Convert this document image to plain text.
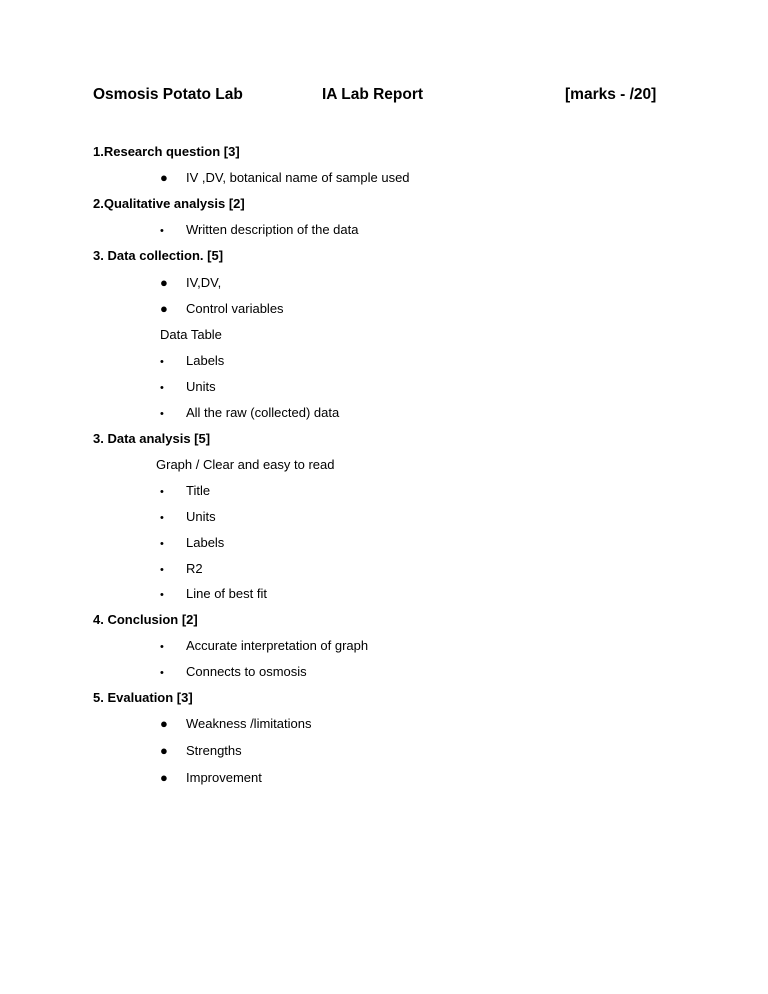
Osmosis Potato Lab	IA Lab Report	[marks - /20]
1.Research question [3]
● IV ,DV, botanical name of sample used
2.Qualitative analysis [2]
• Written description of the data
3. Data collection. [5]
● IV,DV,
● Control variables
Data Table
• Labels
• Units
• All the raw (collected) data
3. Data analysis [5]
Graph / Clear and easy to read
• Title
• Units
• Labels
• R2
• Line of best fit
4. Conclusion [2]
• Accurate interpretation of graph
• Connects to osmosis
5. Evaluation [3]
● Weakness /limitations
● Strengths
● Improvement
